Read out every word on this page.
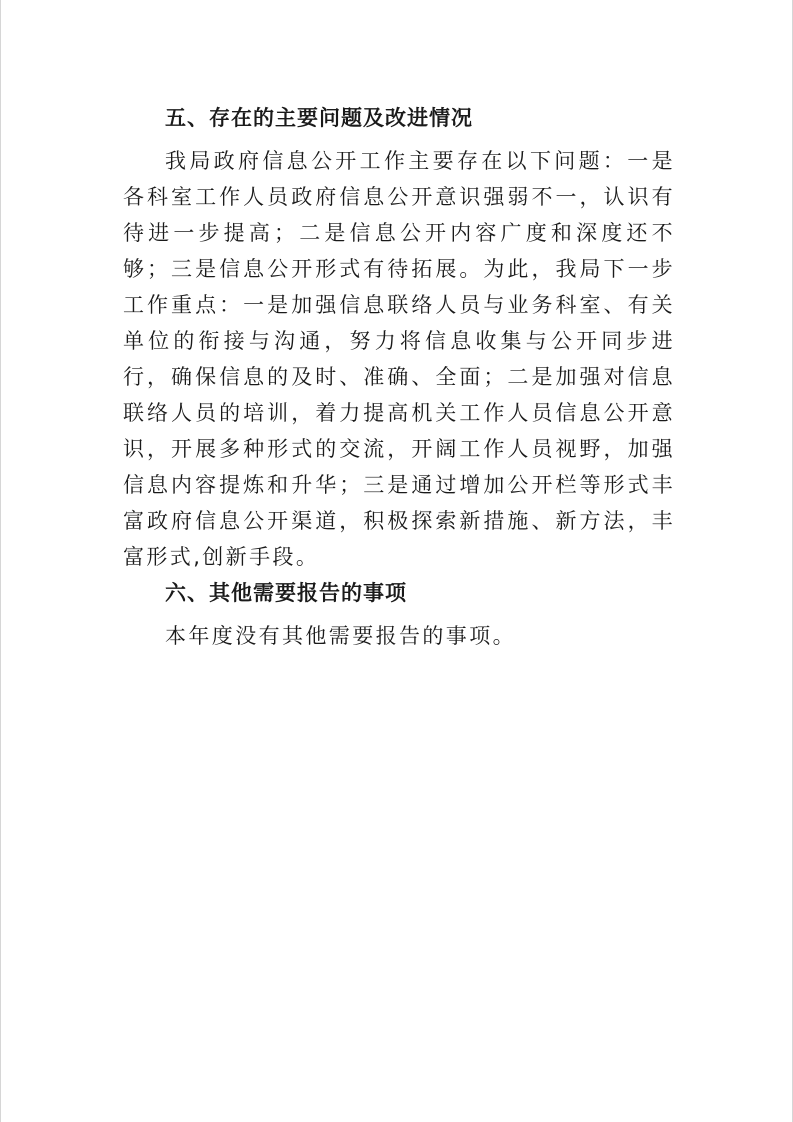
五、存在的主要问题及改进情况

我局政府信息公开工作主要存在以下问题：一是各科室工作人员政府信息公开意识强弱不一，认识有待进一步提高；二是信息公开内容广度和深度还不够；三是信息公开形式有待拓展。为此，我局下一步工作重点：一是加强信息联络人员与业务科室、有关单位的衔接与沟通，努力将信息收集与公开同步进行，确保信息的及时、准确、全面；二是加强对信息联络人员的培训，着力提高机关工作人员信息公开意识，开展多种形式的交流，开阔工作人员视野，加强信息内容提炼和升华；三是通过增加公开栏等形式丰富政府信息公开渠道，积极探索新措施、新方法，丰富形式,创新手段。

六、其他需要报告的事项

本年度没有其他需要报告的事项。
